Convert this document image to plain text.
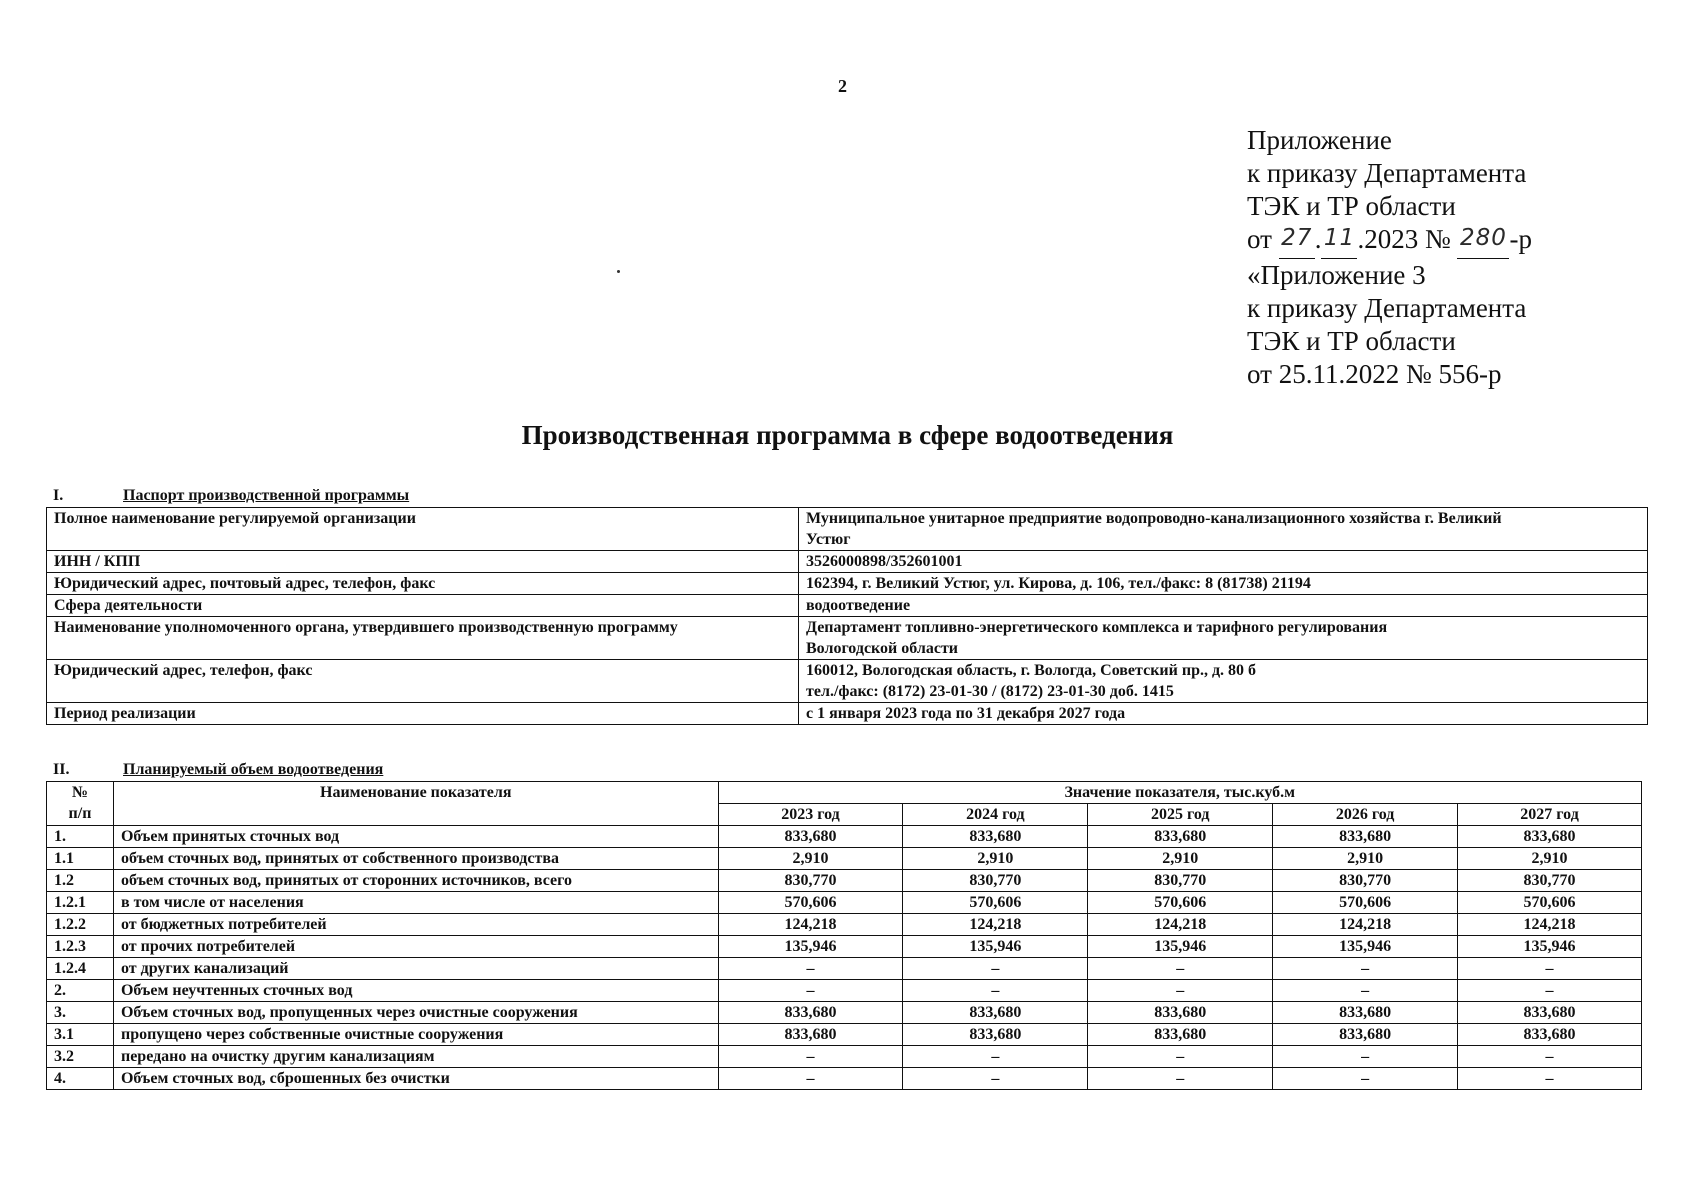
2
Приложение
к приказу Департамента
ТЭК и ТР области
от 27. 11.2023 № 280-р
«Приложение 3
к приказу Департамента
ТЭК и ТР области
от 25.11.2022 № 556-р
Производственная программа в сфере водоотведения
I.	Паспорт производственной программы
Полное наименование регулируемой организации	Муниципальное унитарное предприятие водопроводно-канализационного хозяйства г. Великий
Устюг

ИНН / КПП	3526000898/352601001

Юридический адрес, почтовый адрес, телефон, факс	162394, г. Великий Устюг, ул. Кирова, д. 106, тел./факс: 8 (81738) 21194

Сфера деятельности	водоотведение

Наименование уполномоченного органа, утвердившего производственную программу	Департамент топливно-энергетического комплекса и тарифного регулирования
Вологодской области

Юридический адрес, телефон, факс	160012, Вологодская область, г. Вологда, Советский пр., д. 80 б
тел./факс: (8172) 23-01-30 / (8172) 23-01-30 доб. 1415

Период реализации	с 1 января 2023 года по 31 декабря 2027 года
II.	Планируемый объем водоотведения
№
п/п	Наименование показателя	Значение показателя, тыс.куб.м				
		2023 год	2024 год	2025 год	2026 год	2027 год
1.	Объем принятых сточных вод	833,680	833,680	833,680	833,680	833,680
1.1	объем сточных вод, принятых от собственного производства	2,910	2,910	2,910	2,910	2,910
1.2	объем сточных вод, принятых от сторонних источников, всего	830,770	830,770	830,770	830,770	830,770
1.2.1	в том числе от населения	570,606	570,606	570,606	570,606	570,606
1.2.2	от бюджетных потребителей	124,218	124,218	124,218	124,218	124,218
1.2.3	от прочих потребителей	135,946	135,946	135,946	135,946	135,946
1.2.4	от других канализаций	–	–	–	–	–
2.	Объем неучтенных сточных вод	–	–	–	–	–
3.	Объем сточных вод, пропущенных через очистные сооружения	833,680	833,680	833,680	833,680	833,680
3.1	пропущено через собственные очистные сооружения	833,680	833,680	833,680	833,680	833,680
3.2	передано на очистку другим канализациям	–	–	–	–	–
4.	Объем сточных вод, сброшенных без очистки	–	–	–	–	–
